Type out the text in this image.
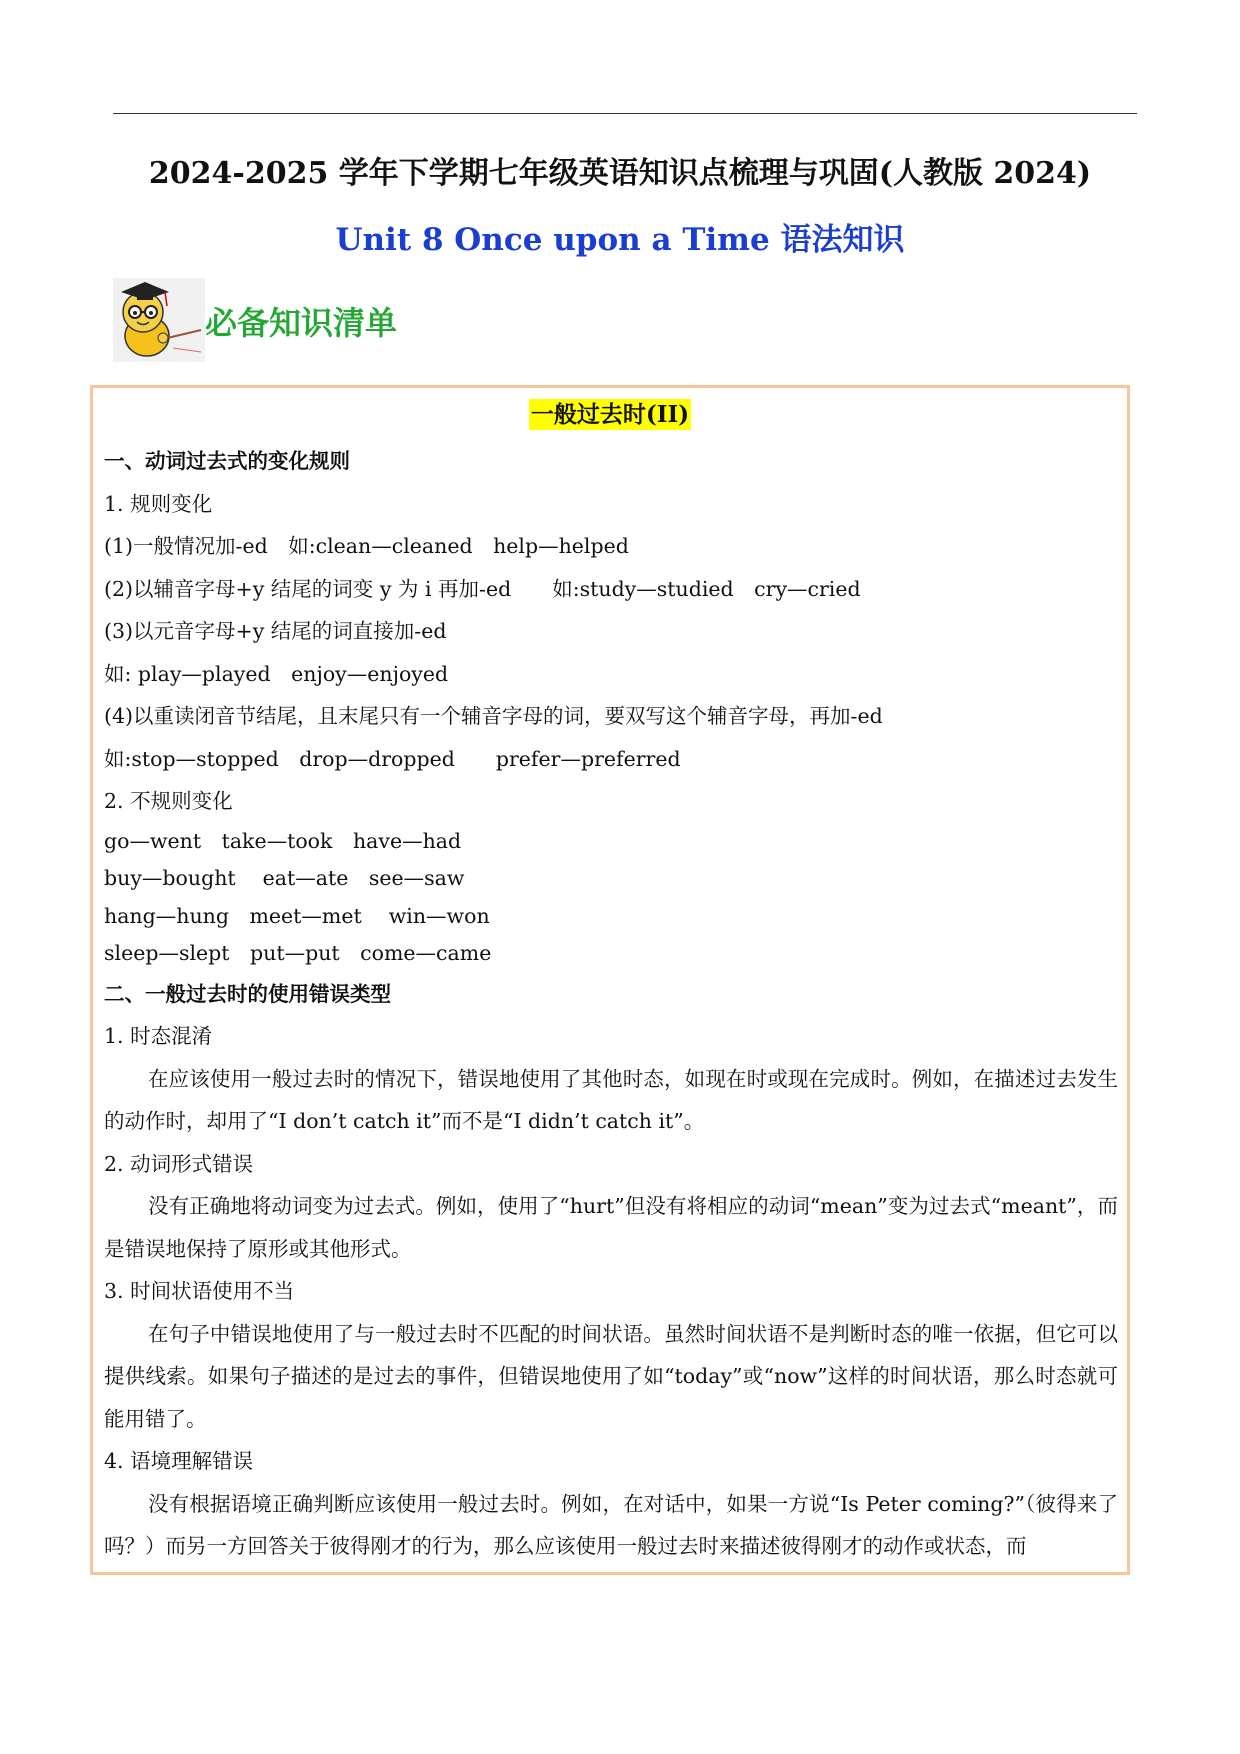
2024-2025 学年下学期七年级英语知识点梳理与巩固(人教版 2024)
Unit 8 Once upon a Time 语法知识
必备知识清单
一般过去时(II)
一、动词过去式的变化规则
1. 规则变化
(1)一般情况加-ed　如:clean—cleaned　help—helped
(2)以辅音字母+y 结尾的词变 y 为 i 再加-ed　　如:study—studied　cry—cried
(3)以元音字母+y 结尾的词直接加-ed
如: play—played　enjoy—enjoyed
(4)以重读闭音节结尾，且末尾只有一个辅音字母的词，要双写这个辅音字母，再加-ed
如:stop—stopped　drop—dropped　　prefer—preferred
2. 不规则变化
go—went　take—took　have—had
buy—bought　 eat—ate　see—saw
hang—hung　meet—met　 win—won
sleep—slept　put—put　come—came
二、一般过去时的使用错误类型
1. 时态混淆

在应该使用一般过去时的情况下，错误地使用了其他时态，如现在时或现在完成时。例如，在描述过去发生的动作时，却用了“I don’t catch it”而不是“I didn’t catch it”。

2. 动词形式错误

没有正确地将动词变为过去式。例如，使用了“hurt”但没有将相应的动词“mean”变为过去式“meant”，而是错误地保持了原形或其他形式。

3. 时间状语使用不当

在句子中错误地使用了与一般过去时不匹配的时间状语。虽然时间状语不是判断时态的唯一依据，但它可以提供线索。如果句子描述的是过去的事件，但错误地使用了如“today”或“now”这样的时间状语，那么时态就可能用错了。

4. 语境理解错误

没有根据语境正确判断应该使用一般过去时。例如，在对话中，如果一方说“Is Peter coming?”（彼得来了吗？）而另一方回答关于彼得刚才的行为，那么应该使用一般过去时来描述彼得刚才的动作或状态，而
